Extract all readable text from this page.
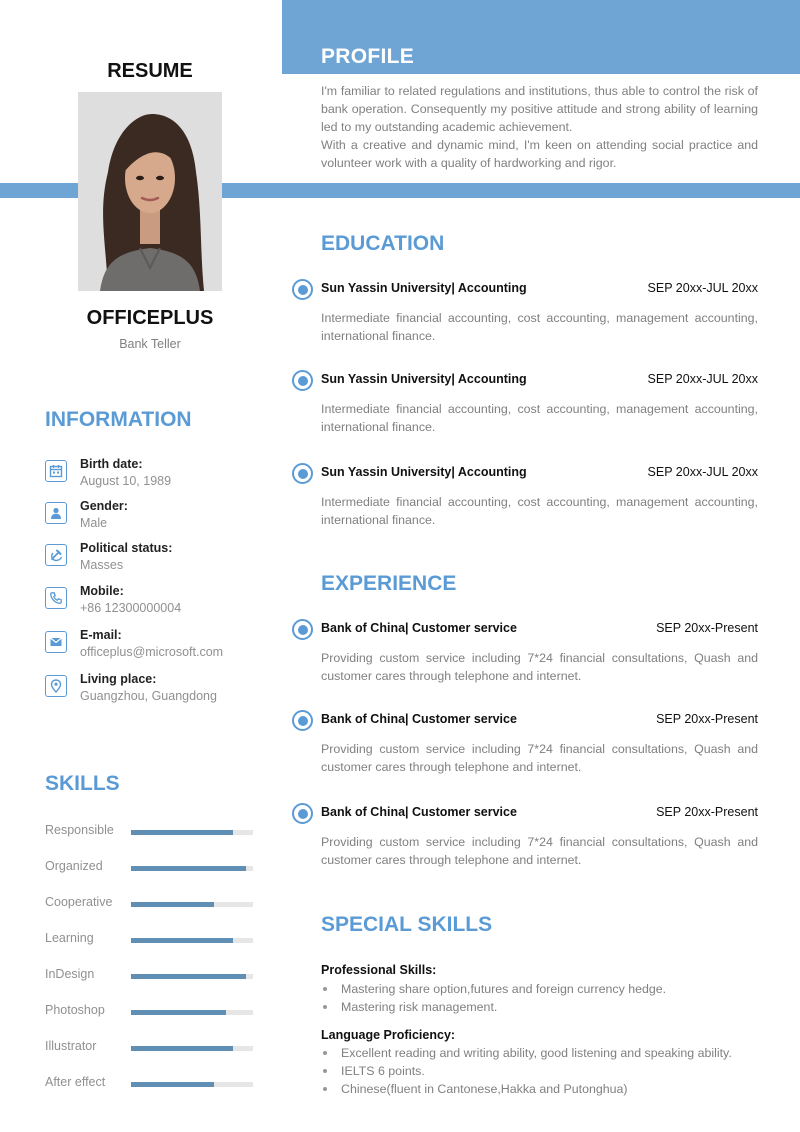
RESUME
OFFICEPLUS
Bank Teller
PROFILE

I'm familiar to related regulations and institutions, thus able to control the risk of bank operation. Consequently my positive attitude and strong ability of learning led to my outstanding academic achievement.

With a creative and dynamic mind, I'm keen on attending social practice and volunteer work with a quality of hardworking and rigor.

INFORMATION
Birth date:
August 10, 1989
Gender:
Male
Political status:
Masses
Mobile:
+86 12300000004
E-mail:
officeplus@microsoft.com
Living place:
Guangzhou, Guangdong
SKILLS
Responsible
Organized
Cooperative
Learning
InDesign
Photoshop
Illustrator
After effect
EDUCATION
Sun Yassin University| Accounting	SEP 20xx-JUL 20xx
Intermediate financial accounting, cost accounting, management accounting, international finance.
Sun Yassin University| Accounting	SEP 20xx-JUL 20xx
Intermediate financial accounting, cost accounting, management accounting, international finance.
Sun Yassin University| Accounting	SEP 20xx-JUL 20xx
Intermediate financial accounting, cost accounting, management accounting, international finance.
EXPERIENCE
Bank of China| Customer service	SEP 20xx-Present
Providing custom service including 7*24 financial consultations, Quash and customer cares through telephone and internet.
Bank of China| Customer service	SEP 20xx-Present
Providing custom service including 7*24 financial consultations, Quash and customer cares through telephone and internet.
Bank of China| Customer service	SEP 20xx-Present
Providing custom service including 7*24 financial consultations, Quash and customer cares through telephone and internet.
SPECIAL SKILLS
Professional Skills:
Mastering share option,futures and foreign currency hedge.
Mastering risk management.
Language Proficiency:
Excellent reading and writing ability, good listening and speaking ability.
IELTS 6 points.
Chinese(fluent in Cantonese,Hakka and Putonghua)
